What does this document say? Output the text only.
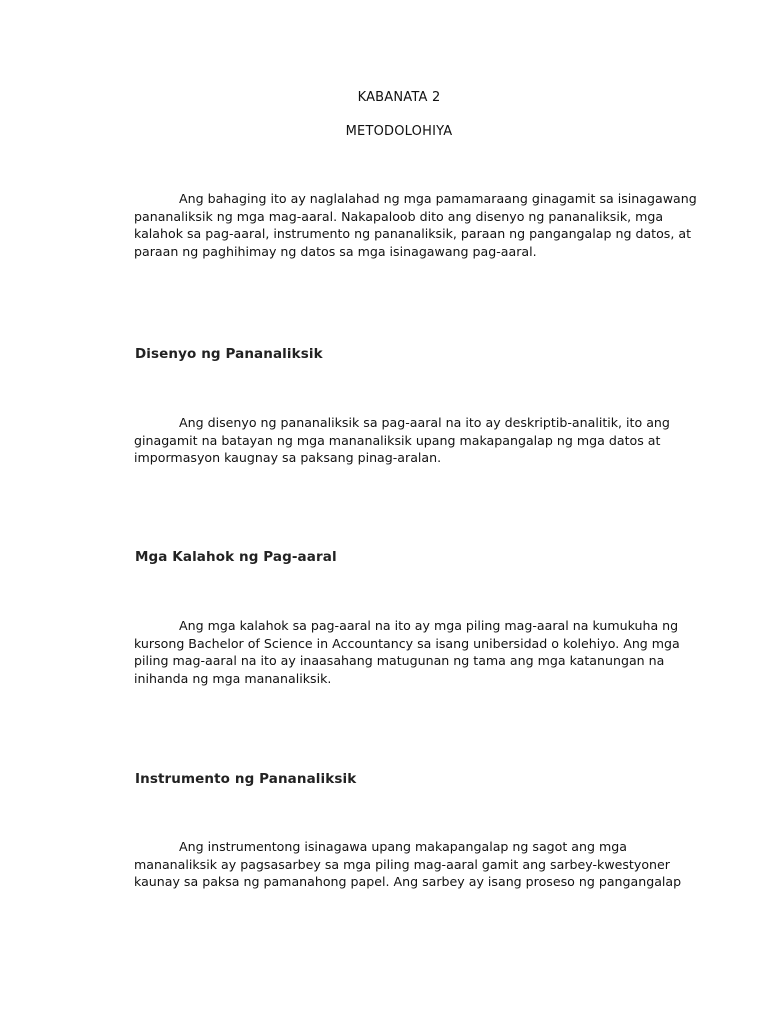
KABANATA 2
METODOLOHIYA
Ang bahaging ito ay naglalahad ng mga pamamaraang ginagamit sa isinagawang
pananaliksik ng mga mag-aaral. Nakapaloob dito ang disenyo ng pananaliksik, mga
kalahok sa pag-aaral, instrumento ng pananaliksik, paraan ng pangangalap ng datos, at
paraan ng paghihimay ng datos sa mga isinagawang pag-aaral.
Disenyo ng Pananaliksik
Ang disenyo ng pananaliksik sa pag-aaral na ito ay deskriptib-analitik, ito ang
ginagamit na batayan ng mga mananaliksik upang makapangalap ng mga datos at
impormasyon kaugnay sa paksang pinag-aralan.
Mga Kalahok ng Pag-aaral
Ang mga kalahok sa pag-aaral na ito ay mga piling mag-aaral na kumukuha ng
kursong Bachelor of Science in Accountancy sa isang unibersidad o kolehiyo. Ang mga
piling mag-aaral na ito ay inaasahang matugunan ng tama ang mga katanungan na
inihanda ng mga mananaliksik.
Instrumento ng Pananaliksik
Ang instrumentong isinagawa upang makapangalap ng sagot ang mga
mananaliksik ay pagsasarbey sa mga piling mag-aaral gamit ang sarbey-kwestyoner
kaunay sa paksa ng pamanahong papel. Ang sarbey ay isang proseso ng pangangalap
